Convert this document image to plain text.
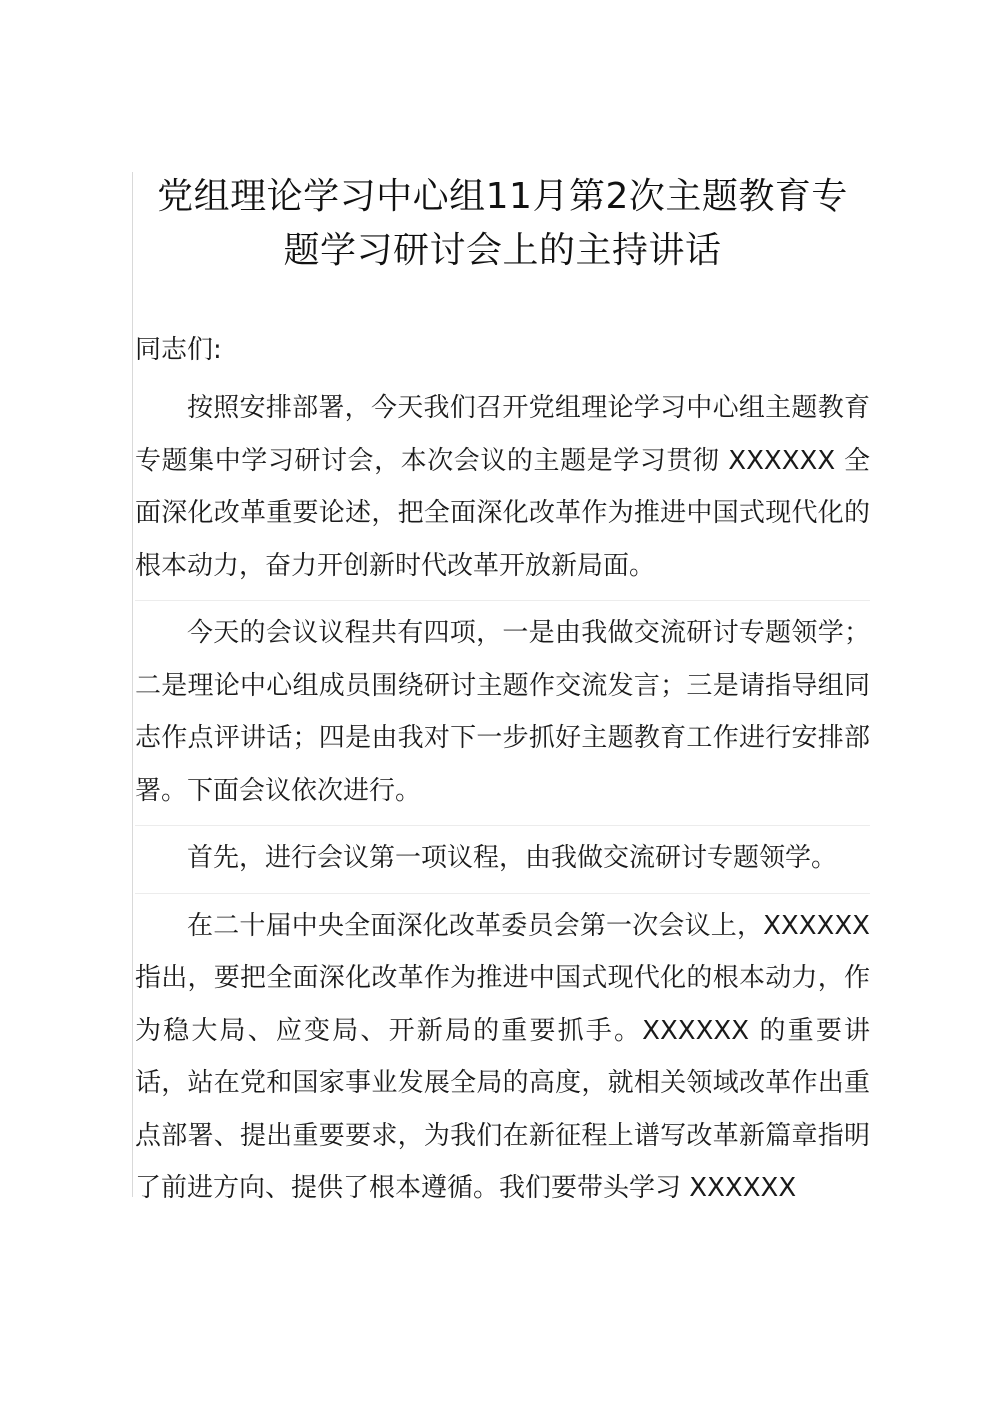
党组理论学习中心组11月第2次主题教育专
题学习研讨会上的主持讲话

同志们:

按照安排部署，今天我们召开党组理论学习中心组主题教育专题集中学习研讨会，本次会议的主题是学习贯彻 XXXXXX 全面深化改革重要论述，把全面深化改革作为推进中国式现代化的根本动力，奋力开创新时代改革开放新局面。

今天的会议议程共有四项，一是由我做交流研讨专题领学；二是理论中心组成员围绕研讨主题作交流发言；三是请指导组同志作点评讲话；四是由我对下一步抓好主题教育工作进行安排部署。下面会议依次进行。

首先，进行会议第一项议程，由我做交流研讨专题领学。

在二十届中央全面深化改革委员会第一次会议上，XXXXXX 指出，要把全面深化改革作为推进中国式现代化的根本动力，作为稳大局、应变局、开新局的重要抓手。XXXXXX 的重要讲话，站在党和国家事业发展全局的高度，就相关领域改革作出重点部署、提出重要要求，为我们在新征程上谱写改革新篇章指明了前进方向、提供了根本遵循。我们要带头学习 XXXXXX
